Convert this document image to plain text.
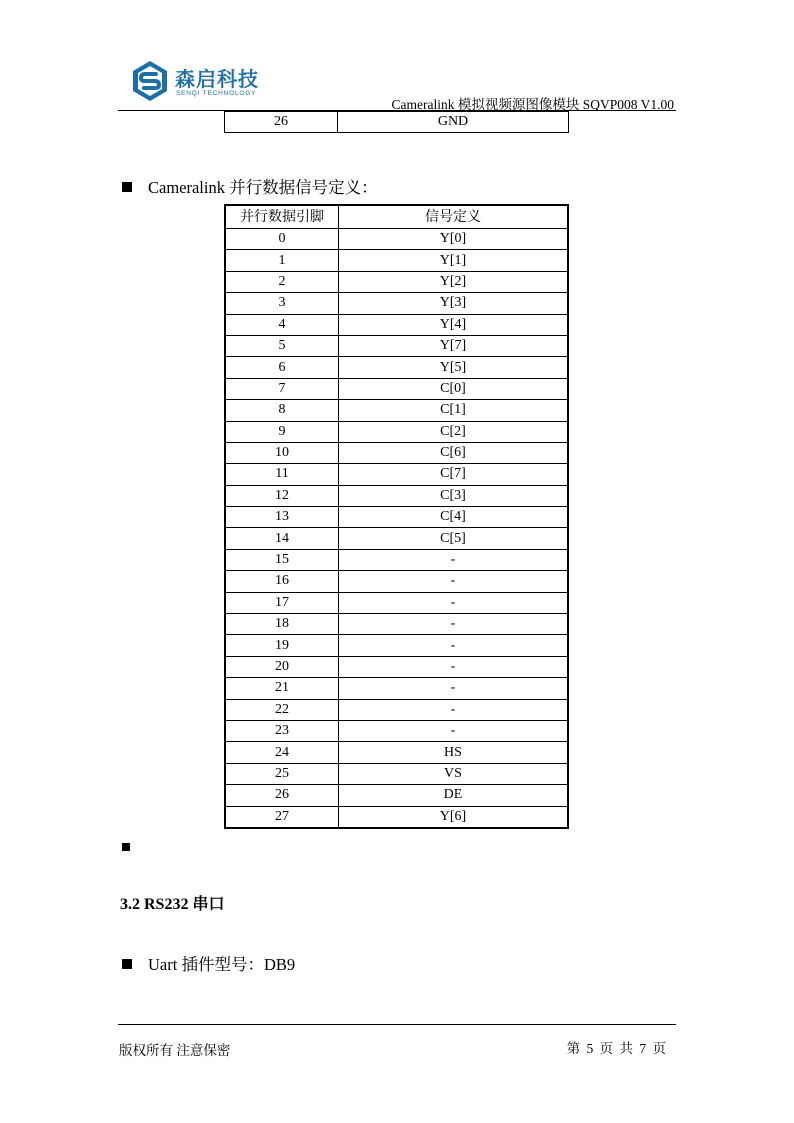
森启科技
SENQI TECHNOLOGY
Cameralink 模拟视频源图像模块 SQVP008 V1.00
26	GND
Cameralink 并行数据信号定义：
并行数据引脚	信号定义
0	Y[0]
1	Y[1]
2	Y[2]
3	Y[3]
4	Y[4]
5	Y[7]
6	Y[5]
7	C[0]
8	C[1]
9	C[2]
10	C[6]
11	C[7]
12	C[3]
13	C[4]
14	C[5]
15	-
16	-
17	-
18	-
19	-
20	-
21	-
22	-
23	-
24	HS
25	VS
26	DE
27	Y[6]
3.2 RS232 串口
Uart 插件型号：DB9
版权所有 注意保密	第 5 页 共 7 页
